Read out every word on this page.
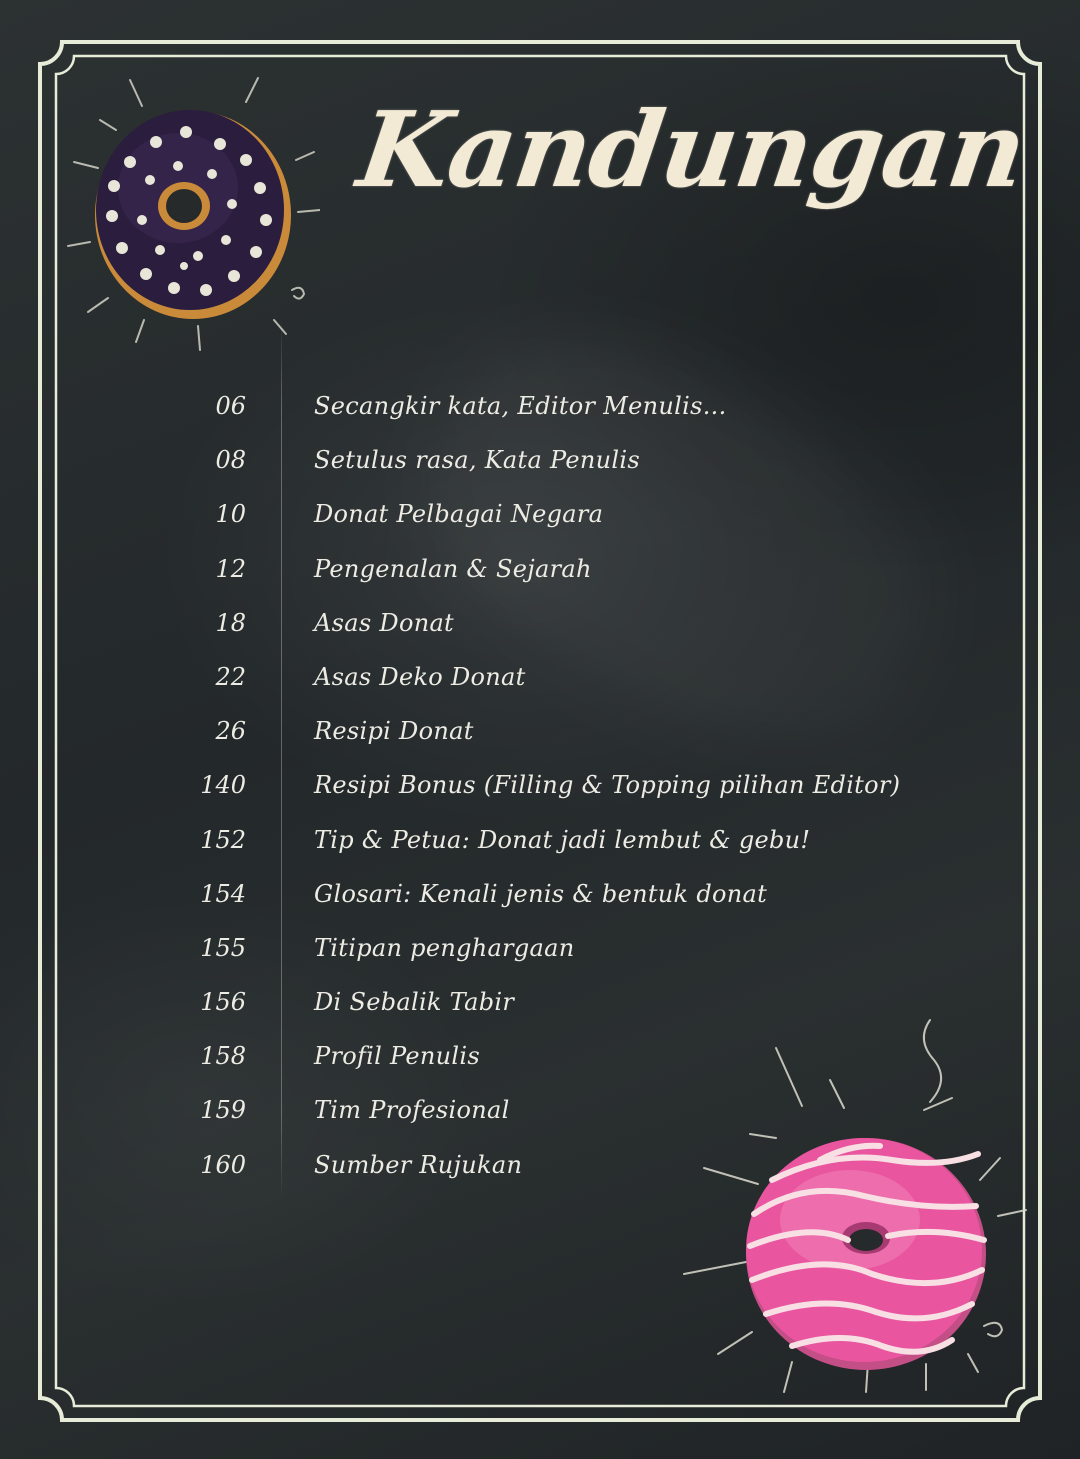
Kandungan
06	Secangkir kata, Editor Menulis...
08	Setulus rasa, Kata Penulis
10	Donat Pelbagai Negara
12	Pengenalan & Sejarah
18	Asas Donat
22	Asas Deko Donat
26	Resipi Donat
140	Resipi Bonus (Filling & Topping pilihan Editor)
152	Tip & Petua: Donat jadi lembut & gebu!
154	Glosari: Kenali jenis & bentuk donat
155	Titipan penghargaan
156	Di Sebalik Tabir
158	Profil Penulis
159	Tim Profesional
160	Sumber Rujukan
